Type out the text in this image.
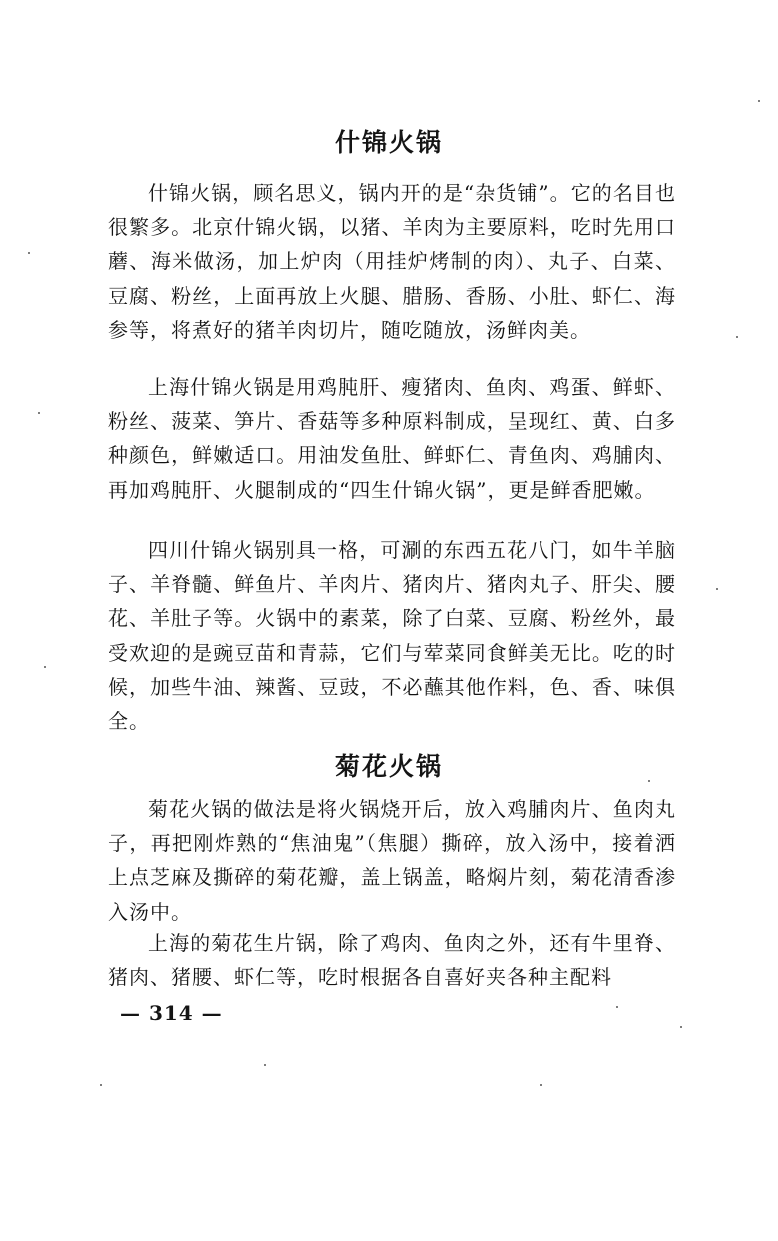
什锦火锅

什锦火锅，顾名思义，锅内开的是“杂货铺”。它的名目也很繁多。北京什锦火锅，以猪、羊肉为主要原料，吃时先用口蘑、海米做汤，加上炉肉（用挂炉烤制的肉）、丸子、白菜、豆腐、粉丝，上面再放上火腿、腊肠、香肠、小肚、虾仁、海参等，将煮好的猪羊肉切片，随吃随放，汤鲜肉美。

上海什锦火锅是用鸡肫肝、瘦猪肉、鱼肉、鸡蛋、鲜虾、粉丝、菠菜、笋片、香菇等多种原料制成，呈现红、黄、白多种颜色，鲜嫩适口。用油发鱼肚、鲜虾仁、青鱼肉、鸡脯肉、再加鸡肫肝、火腿制成的“四生什锦火锅”，更是鲜香肥嫩。

四川什锦火锅别具一格，可涮的东西五花八门，如牛羊脑子、羊脊髓、鲜鱼片、羊肉片、猪肉片、猪肉丸子、肝尖、腰花、羊肚子等。火锅中的素菜，除了白菜、豆腐、粉丝外，最受欢迎的是豌豆苗和青蒜，它们与荤菜同食鲜美无比。吃的时候，加些牛油、辣酱、豆豉，不必蘸其他作料，色、香、味俱全。

菊花火锅

菊花火锅的做法是将火锅烧开后，放入鸡脯肉片、鱼肉丸子，再把刚炸熟的“焦油鬼”（焦腿）撕碎，放入汤中，接着洒上点芝麻及撕碎的菊花瓣，盖上锅盖，略焖片刻，菊花清香渗入汤中。

上海的菊花生片锅，除了鸡肉、鱼肉之外，还有牛里脊、猪肉、猪腰、虾仁等，吃时根据各自喜好夹各种主配料

— 314 —
